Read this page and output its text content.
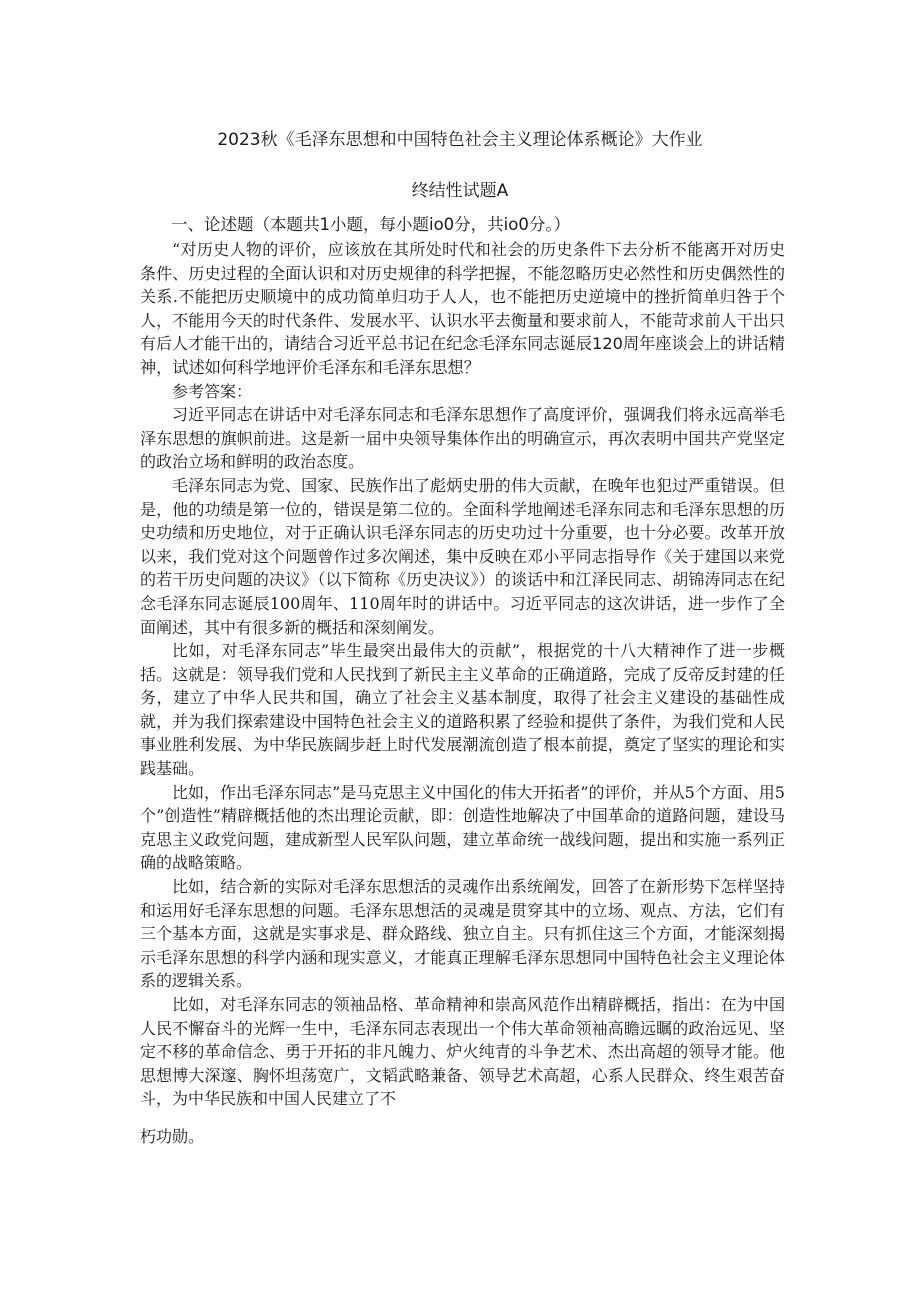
2023秋《毛泽东思想和中国特色社会主义理论体系概论》大作业
终结性试题A
一、论述题（本题共1小题，每小题io0分，共io0分。）

“对历史人物的评价，应该放在其所处时代和社会的历史条件下去分析不能离开对历史条件、历史过程的全面认识和对历史规律的科学把握，不能忽略历史必然性和历史偶然性的关系.不能把历史顺境中的成功简单归功于人人，也不能把历史逆境中的挫折简单归咎于个人，不能用今天的时代条件、发展水平、认识水平去衡量和要求前人，不能苛求前人干出只有后人才能干出的，请结合习近平总书记在纪念毛泽东同志诞辰120周年座谈会上的讲话精神，试述如何科学地评价毛泽东和毛泽东思想？

参考答案：

习近平同志在讲话中对毛泽东同志和毛泽东思想作了高度评价，强调我们将永远高举毛泽东思想的旗帜前进。这是新一届中央领导集体作出的明确宣示，再次表明中国共产党坚定的政治立场和鲜明的政治态度。

毛泽东同志为党、国家、民族作出了彪炳史册的伟大贡献，在晚年也犯过严重错误。但是，他的功绩是第一位的，错误是第二位的。全面科学地阐述毛泽东同志和毛泽东思想的历史功绩和历史地位，对于正确认识毛泽东同志的历史功过十分重要，也十分必要。改革开放以来，我们党对这个问题曾作过多次阐述，集中反映在邓小平同志指导作《关于建国以来党的若干历史问题的决议》（以下简称《历史决议》）的谈话中和江泽民同志、胡锦涛同志在纪念毛泽东同志诞辰100周年、110周年时的讲话中。习近平同志的这次讲话，进一步作了全面阐述，其中有很多新的概括和深刻阐发。

比如，对毛泽东同志”毕生最突出最伟大的贡献”，根据党的十八大精神作了进一步概括。这就是：领导我们党和人民找到了新民主主义革命的正确道路，完成了反帝反封建的任务，建立了中华人民共和国，确立了社会主义基本制度，取得了社会主义建设的基础性成就，并为我们探索建设中国特色社会主义的道路积累了经验和提供了条件，为我们党和人民事业胜利发展、为中华民族阔步赶上时代发展潮流创造了根本前提，奠定了坚实的理论和实践基础。

比如，作出毛泽东同志”是马克思主义中国化的伟大开拓者”的评价，并从5个方面、用5个”创造性”精辟概括他的杰出理论贡献，即：创造性地解决了中国革命的道路问题，建设马克思主义政党问题，建成新型人民军队问题，建立革命统一战线问题，提出和实施一系列正确的战略策略。

比如，结合新的实际对毛泽东思想活的灵魂作出系统阐发，回答了在新形势下怎样坚持和运用好毛泽东思想的问题。毛泽东思想活的灵魂是贯穿其中的立场、观点、方法，它们有三个基本方面，这就是实事求是、群众路线、独立自主。只有抓住这三个方面，才能深刻揭示毛泽东思想的科学内涵和现实意义，才能真正理解毛泽东思想同中国特色社会主义理论体系的逻辑关系。

比如，对毛泽东同志的领袖品格、革命精神和崇高风范作出精辟概括，指出：在为中国人民不懈奋斗的光辉一生中，毛泽东同志表现出一个伟大革命领袖高瞻远瞩的政治远见、坚定不移的革命信念、勇于开拓的非凡魄力、炉火纯青的斗争艺术、杰出高超的领导才能。他思想博大深邃、胸怀坦荡宽广，文韬武略兼备、领导艺术高超，心系人民群众、终生艰苦奋斗，为中华民族和中国人民建立了不

朽功勋。
